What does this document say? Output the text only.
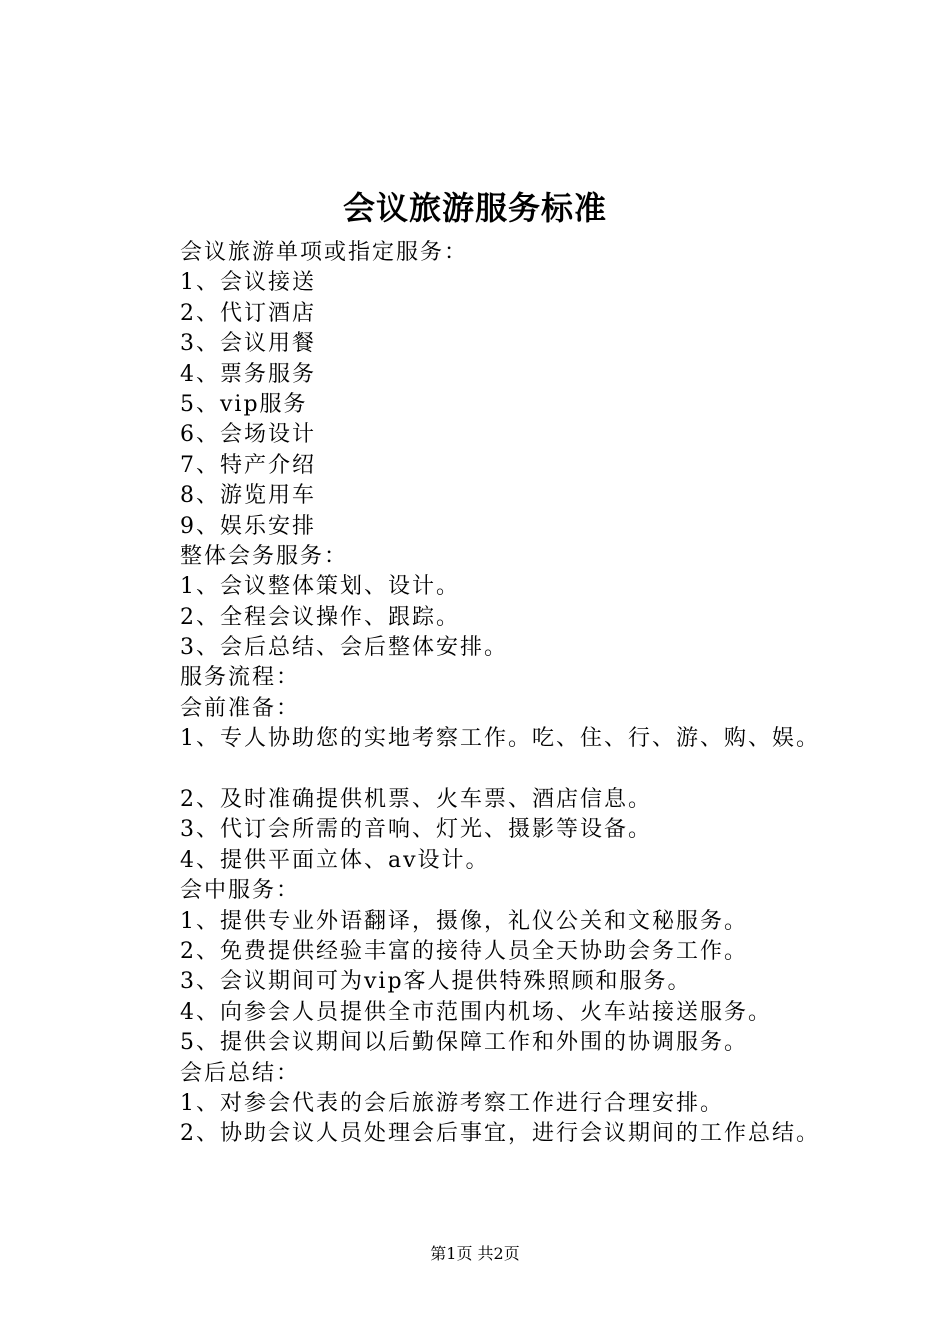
会议旅游服务标准
会议旅游单项或指定服务：
1、会议接送
2、代订酒店
3、会议用餐
4、票务服务
5、vip服务
6、会场设计
7、特产介绍
8、游览用车
9、娱乐安排
整体会务服务：
1、会议整体策划、设计。
2、全程会议操作、跟踪。
3、会后总结、会后整体安排。
服务流程：
会前准备：
1、专人协助您的实地考察工作。吃、住、行、游、购、娱。
2、及时准确提供机票、火车票、酒店信息。
3、代订会所需的音响、灯光、摄影等设备。
4、提供平面立体、av设计。
会中服务：
1、提供专业外语翻译，摄像，礼仪公关和文秘服务。
2、免费提供经验丰富的接待人员全天协助会务工作。
3、会议期间可为vip客人提供特殊照顾和服务。
4、向参会人员提供全市范围内机场、火车站接送服务。
5、提供会议期间以后勤保障工作和外围的协调服务。
会后总结：
1、对参会代表的会后旅游考察工作进行合理安排。
2、协助会议人员处理会后事宜，进行会议期间的工作总结。
第1页 共2页
